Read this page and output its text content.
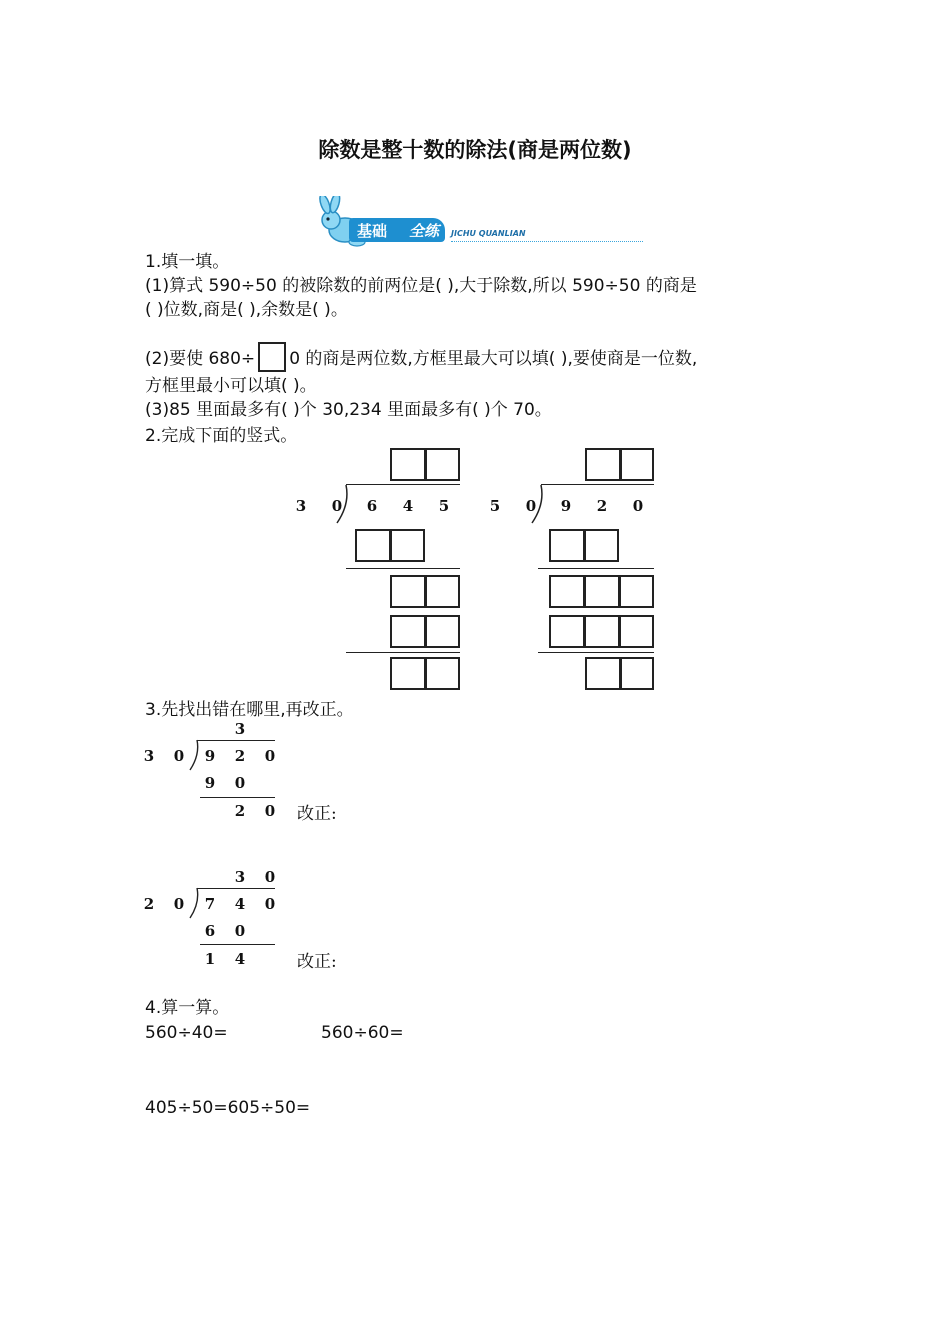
除数是整十数的除法(商是两位数)
基础 全练 JICHU QUANLIAN
1.填一填。
(1)算式 590÷50 的被除数的前两位是( ),大于除数,所以 590÷50 的商是
( )位数,商是( ),余数是( )。
(2)要使 680÷ 0 的商是两位数,方框里最大可以填( ),要使商是一位数,
方框里最小可以填( )。
(3)85 里面最多有( )个 30,234 里面最多有( )个 70。
2.完成下面的竖式。
3	0	6	4	5	5	0	9	2	0
3.先找出错在哪里,再改正。
3
3	0	9	2	0
9	0
2	0	改正:
3	0
2	0	7	4	0
6	0
1	4	改正:
4.算一算。
560÷40=	560÷60=
405÷50=605÷50=
